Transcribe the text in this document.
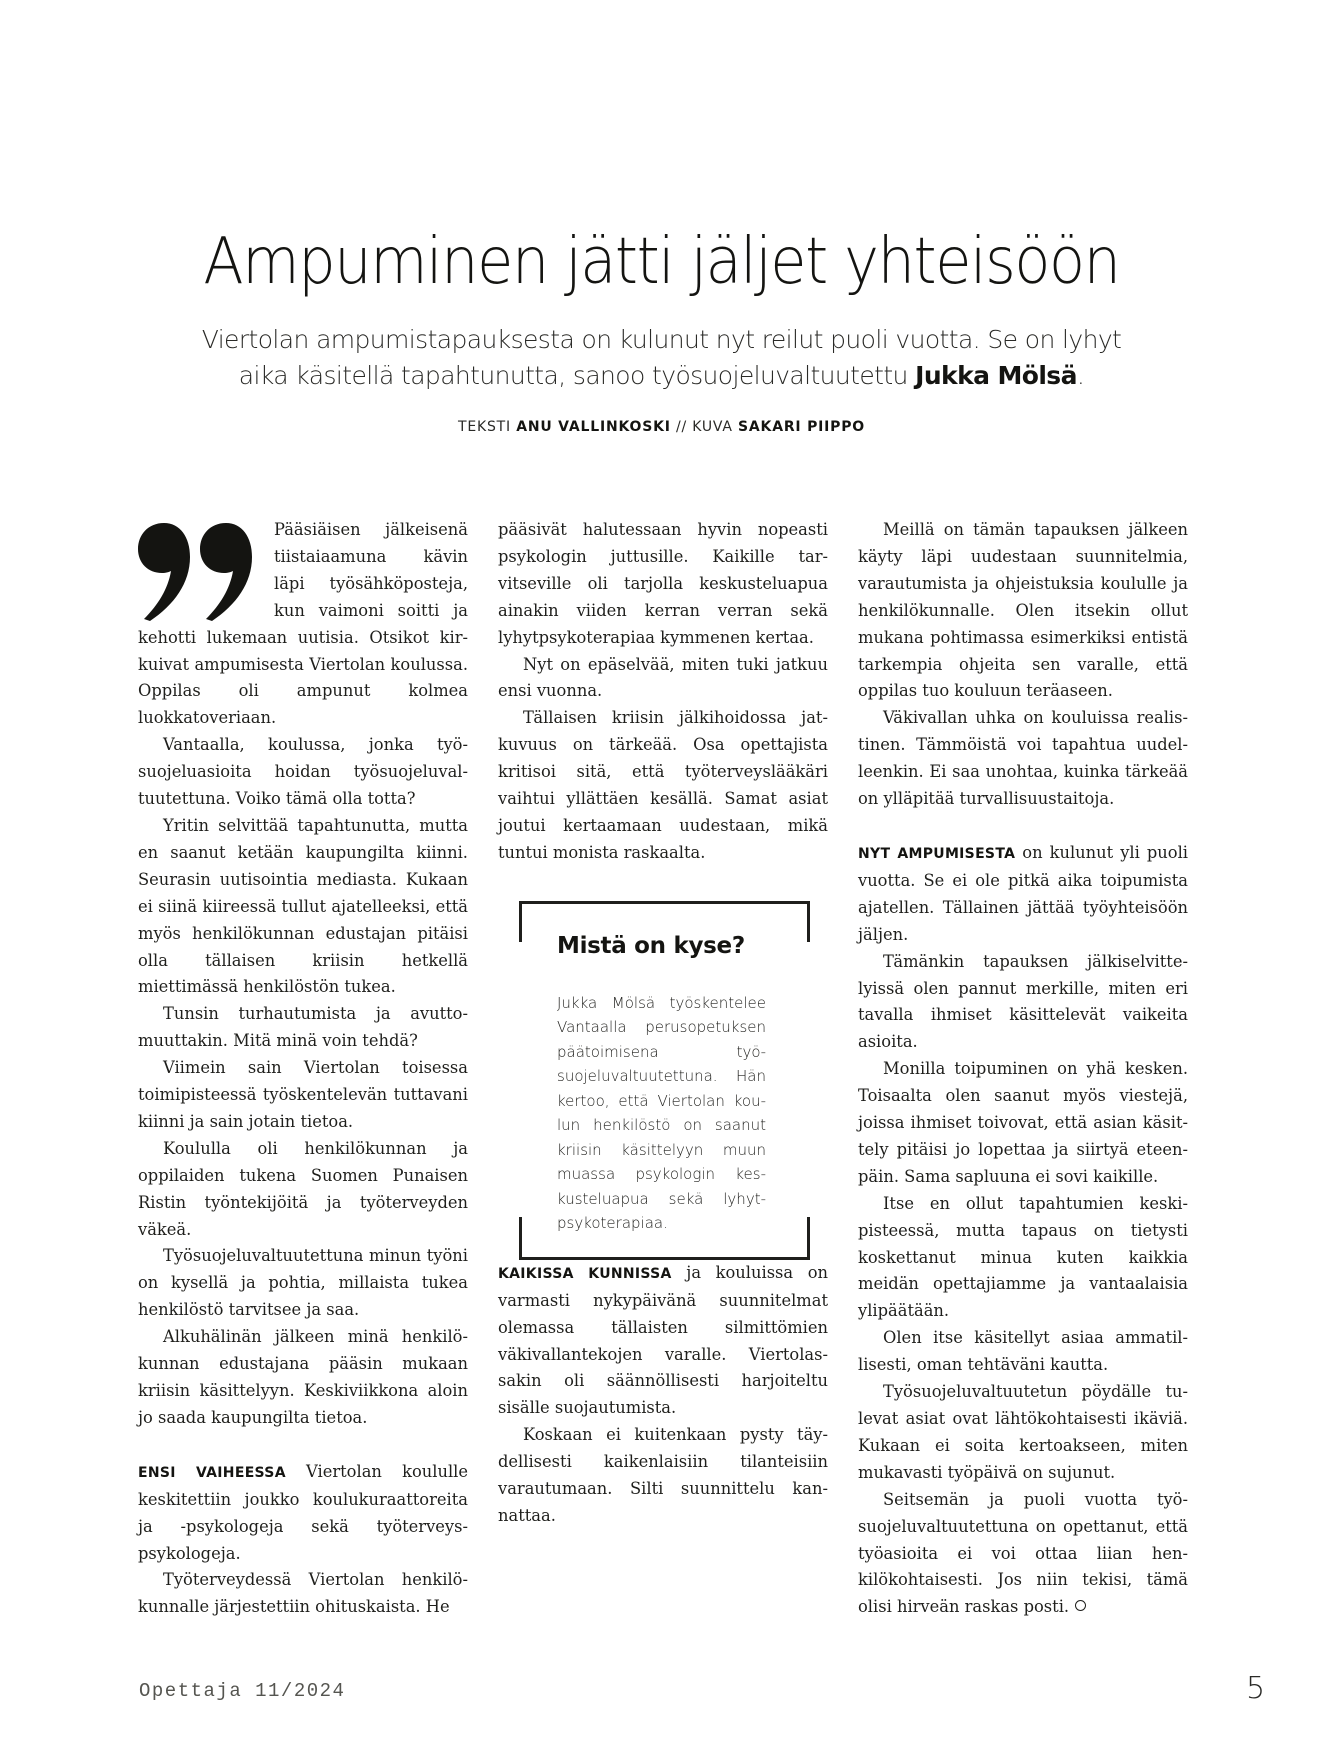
Ampuminen jätti jäljet yhteisöön

Viertolan ampumistapauksesta on kulunut nyt reilut puoli vuotta. Se on lyhyt aika käsitellä tapahtunutta, sanoo työsuojeluvaltuutettu Jukka Mölsä.

TEKSTI ANU VALLINKOSKI // KUVA SAKARI PIIPPO

Pääsiäisen jälkeisenä tiistaiaamuna kävin läpi työsähköposteja, kun vaimoni soitti ja kehotti lukemaan uutisia. Otsikot kirkuivat ampumisesta Viertolan koulussa. Oppilas oli ampunut kolmea luokkatoveriaan.

Vantaalla, koulussa, jonka työsuojeluasioita hoidan työsuojeluvaltuutettuna. Voiko tämä olla totta?

Yritin selvittää tapahtunutta, mutta en saanut ketään kaupungilta kiinni. Seurasin uutisointia mediasta. Kukaan ei siinä kiireessä tullut ajatelleeksi, että myös henkilökunnan edustajan pitäisi olla tällaisen kriisin hetkellä miettimässä henkilöstön tukea.

Tunsin turhautumista ja avuttomuuttakin. Mitä minä voin tehdä?

Viimein sain Viertolan toisessa toimipisteessä työskentelevän tuttavani kiinni ja sain jotain tietoa.

Koululla oli henkilökunnan ja oppilaiden tukena Suomen Punaisen Ristin työntekijöitä ja työterveyden väkeä.

Työsuojeluvaltuutettuna minun työni on kysellä ja pohtia, millaista tukea henkilöstö tarvitsee ja saa.

Alkuhälinän jälkeen minä henkilökunnan edustajana pääsin mukaan kriisin käsittelyyn. Keskiviikkona aloin jo saada kaupungilta tietoa.

ENSI VAIHEESSA Viertolan koululle keskitettiin joukko koulukuraattoreita ja -psykologeja sekä työterveyspsykologeja.

Työterveydessä Viertolan henkilökunnalle järjestettiin ohituskaista. He

pääsivät halutessaan hyvin nopeasti psykologin juttusille. Kaikille tarvitseville oli tarjolla keskusteluapua ainakin viiden kerran verran sekä lyhytpsykoterapiaa kymmenen kertaa.

Nyt on epäselvää, miten tuki jatkuu ensi vuonna.

Tällaisen kriisin jälkihoidossa jatkuvuus on tärkeää. Osa opettajista kritisoi sitä, että työterveyslääkäri vaihtui yllättäen kesällä. Samat asiat joutui kertaamaan uudestaan, mikä tuntui monista raskaalta.

Mistä on kyse?

Jukka Mölsä työskentelee Vantaalla perusopetuksen päätoimisena työsuojeluvaltuutettuna. Hän kertoo, että Viertolan koulun henkilöstö on saanut kriisin käsittelyyn muun muassa psykologin keskusteluapua sekä lyhytpsykoterapiaa.

KAIKISSA KUNNISSA ja kouluissa on varmasti nykypäivänä suunnitelmat olemassa tällaisten silmittömien väkivallantekojen varalle. Viertolassakin oli säännöllisesti harjoiteltu sisälle suojautumista.

Koskaan ei kuitenkaan pysty täydellisesti kaikenlaisiin tilanteisiin varautumaan. Silti suunnittelu kannattaa.

Meillä on tämän tapauksen jälkeen käyty läpi uudestaan suunnitelmia, varautumista ja ohjeistuksia koululle ja henkilökunnalle. Olen itsekin ollut mukana pohtimassa esimerkiksi entistä tarkempia ohjeita sen varalle, että oppilas tuo kouluun teräaseen.

Väkivallan uhka on kouluissa realistinen. Tämmöistä voi tapahtua uudelleenkin. Ei saa unohtaa, kuinka tärkeää on ylläpitää turvallisuustaitoja.

NYT AMPUMISESTA on kulunut yli puoli vuotta. Se ei ole pitkä aika toipumista ajatellen. Tällainen jättää työyhteisöön jäljen.

Tämänkin tapauksen jälkiselvittelyissä olen pannut merkille, miten eri tavalla ihmiset käsittelevät vaikeita asioita.

Monilla toipuminen on yhä kesken. Toisaalta olen saanut myös viestejä, joissa ihmiset toivovat, että asian käsittely pitäisi jo lopettaa ja siirtyä eteenpäin. Sama sapluuna ei sovi kaikille.

Itse en ollut tapahtumien keskipisteessä, mutta tapaus on tietysti koskettanut minua kuten kaikkia meidän opettajiamme ja vantaalaisia ylipäätään.

Olen itse käsitellyt asiaa ammatillisesti, oman tehtäväni kautta.

Työsuojeluvaltuutetun pöydälle tulevat asiat ovat lähtökohtaisesti ikäviä. Kukaan ei soita kertoakseen, miten mukavasti työpäivä on sujunut.

Seitsemän ja puoli vuotta työsuojeluvaltuutettuna on opettanut, että työasioita ei voi ottaa liian henkilökohtaisesti. Jos niin tekisi, tämä olisi hirveän raskas posti.

Opettaja 11/2024	5
